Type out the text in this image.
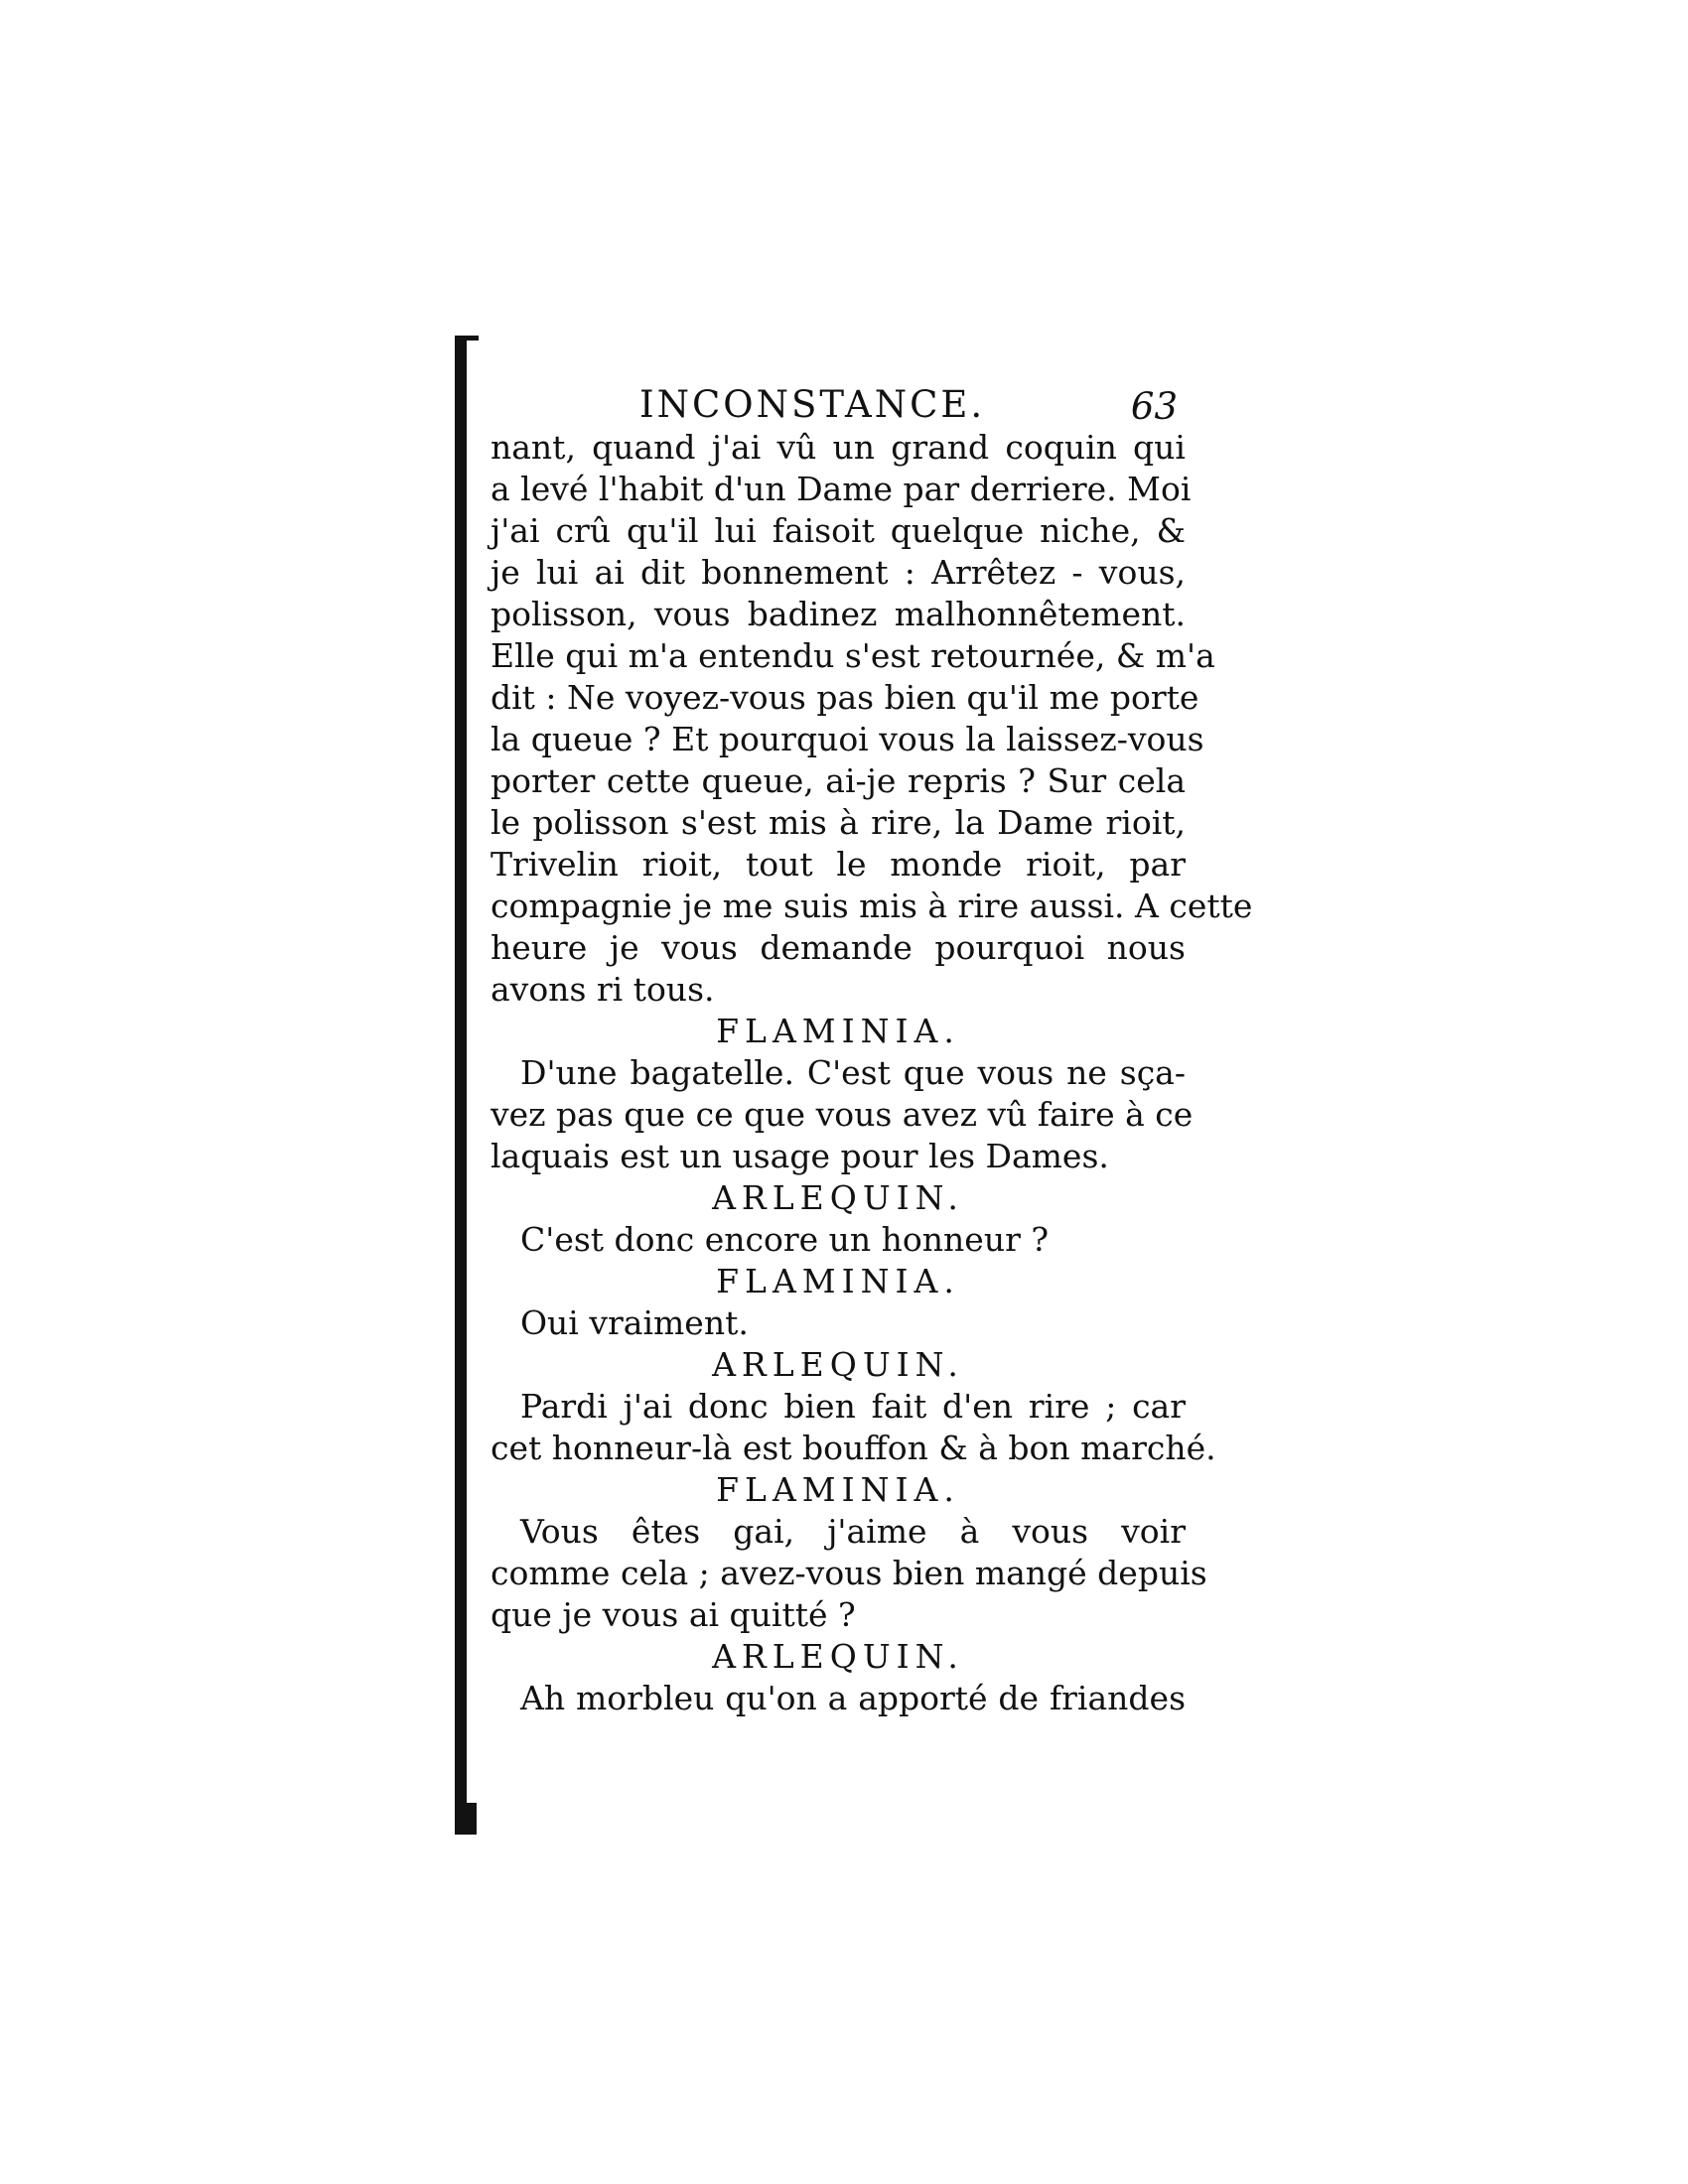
INCONSTANCE.	63
nant, quand j'ai vû un grand coquin qui
a levé l'habit d'un Dame par derriere. Moi
j'ai crû qu'il lui faisoit quelque niche, &
je lui ai dit bonnement : Arrêtez - vous,
polisson, vous badinez malhonnêtement.
Elle qui m'a entendu s'est retournée, & m'a
dit : Ne voyez-vous pas bien qu'il me porte
la queue ? Et pourquoi vous la laissez-vous
porter cette queue, ai-je repris ? Sur cela
le polisson s'est mis à rire, la Dame rioit,
Trivelin rioit, tout le monde rioit, par
compagnie je me suis mis à rire aussi. A cette
heure je vous demande pourquoi nous
avons ri tous.
FLAMINIA.
D'une bagatelle. C'est que vous ne sça-
vez pas que ce que vous avez vû faire à ce
laquais est un usage pour les Dames.
ARLEQUIN.
C'est donc encore un honneur ?
FLAMINIA.
Oui vraiment.
ARLEQUIN.
Pardi j'ai donc bien fait d'en rire ; car
cet honneur-là est bouffon & à bon marché.
FLAMINIA.
Vous êtes gai, j'aime à vous voir
comme cela ; avez-vous bien mangé depuis
que je vous ai quitté ?
ARLEQUIN.
Ah morbleu qu'on a apporté de friandes
